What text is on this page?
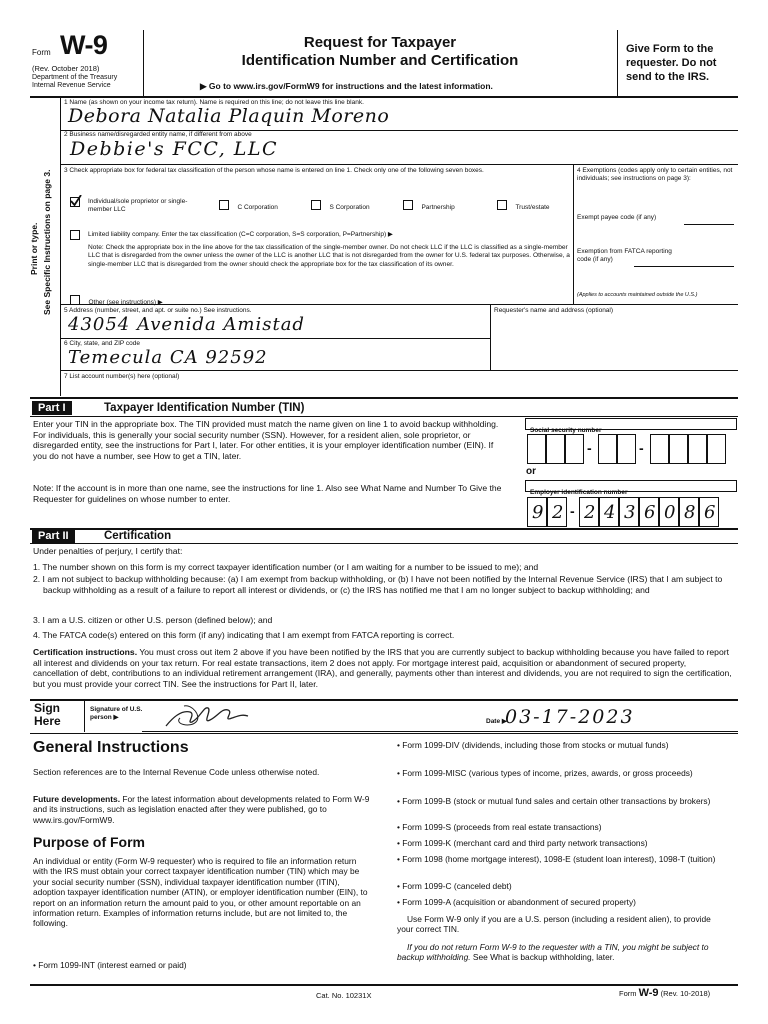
Form W-9
(Rev. October 2018)
Department of the Treasury
Internal Revenue Service
Request for Taxpayer
Identification Number and Certification
▶ Go to www.irs.gov/FormW9 for instructions and the latest information.
Give Form to the requester. Do not send to the IRS.
Print or type. See Specific Instructions on page 3.
1 Name (as shown on your income tax return). Name is required on this line; do not leave this line blank.
Debora Natalia Plaquin Moreno
2 Business name/disregarded entity name, if different from above
Debbie's FCC, LLC
3 Check appropriate box for federal tax classification of the person whose name is entered on line 1. Check only one of the following seven boxes.
Individual/sole proprietor or single-member LLC	C Corporation	S Corporation	Partnership	Trust/estate
Limited liability company. Enter the tax classification (C=C corporation, S=S corporation, P=Partnership) ▶
Note: Check the appropriate box in the line above for the tax classification of the single-member owner. Do not check LLC if the LLC is classified as a single-member LLC that is disregarded from the owner unless the owner of the LLC is another LLC that is not disregarded from the owner for U.S. federal tax purposes. Otherwise, a single-member LLC that is disregarded from the owner should check the appropriate box for the tax classification of its owner.
Other (see instructions) ▶
4 Exemptions (codes apply only to certain entities, not individuals; see instructions on page 3):
Exempt payee code (if any)
Exemption from FATCA reporting code (if any)
(Applies to accounts maintained outside the U.S.)
5 Address (number, street, and apt. or suite no.) See instructions.
43054 Avenida Amistad
Requester's name and address (optional)
6 City, state, and ZIP code
Temecula CA 92592
7 List account number(s) here (optional)
Part I	Taxpayer Identification Number (TIN)

Enter your TIN in the appropriate box. The TIN provided must match the name given on line 1 to avoid backup withholding. For individuals, this is generally your social security number (SSN). However, for a resident alien, sole proprietor, or disregarded entity, see the instructions for Part I, later. For other entities, it is your employer identification number (EIN). If you do not have a number, see How to get a TIN, later.

Note: If the account is in more than one name, see the instructions for line 1. Also see What Name and Number To Give the Requester for guidelines on whose number to enter.

Social security number
-	-
or
Employer identification number
9 2 - 2 4 3 6 0 8 6
Part II	Certification

Under penalties of perjury, I certify that:

1. The number shown on this form is my correct taxpayer identification number (or I am waiting for a number to be issued to me); and

2. I am not subject to backup withholding because: (a) I am exempt from backup withholding, or (b) I have not been notified by the Internal Revenue Service (IRS) that I am subject to backup withholding as a result of a failure to report all interest or dividends, or (c) the IRS has notified me that I am no longer subject to backup withholding; and

3. I am a U.S. citizen or other U.S. person (defined below); and

4. The FATCA code(s) entered on this form (if any) indicating that I am exempt from FATCA reporting is correct.

Certification instructions. You must cross out item 2 above if you have been notified by the IRS that you are currently subject to backup withholding because you have failed to report all interest and dividends on your tax return. For real estate transactions, item 2 does not apply. For mortgage interest paid, acquisition or abandonment of secured property, cancellation of debt, contributions to an individual retirement arrangement (IRA), and generally, payments other than interest and dividends, you are not required to sign the certification, but you must provide your correct TIN. See the instructions for Part II, later.

Sign Here
Signature of U.S. person ▶
Date ▶
03-17-2023
General Instructions

Section references are to the Internal Revenue Code unless otherwise noted.

Future developments. For the latest information about developments related to Form W-9 and its instructions, such as legislation enacted after they were published, go to www.irs.gov/FormW9.

Purpose of Form

An individual or entity (Form W-9 requester) who is required to file an information return with the IRS must obtain your correct taxpayer identification number (TIN) which may be your social security number (SSN), individual taxpayer identification number (ITIN), adoption taxpayer identification number (ATIN), or employer identification number (EIN), to report on an information return the amount paid to you, or other amount reportable on an information return. Examples of information returns include, but are not limited to, the following.

• Form 1099-INT (interest earned or paid)

• Form 1099-DIV (dividends, including those from stocks or mutual funds)

• Form 1099-MISC (various types of income, prizes, awards, or gross proceeds)

• Form 1099-B (stock or mutual fund sales and certain other transactions by brokers)

• Form 1099-S (proceeds from real estate transactions)

• Form 1099-K (merchant card and third party network transactions)

• Form 1098 (home mortgage interest), 1098-E (student loan interest), 1098-T (tuition)

• Form 1099-C (canceled debt)

• Form 1099-A (acquisition or abandonment of secured property)

Use Form W-9 only if you are a U.S. person (including a resident alien), to provide your correct TIN.

If you do not return Form W-9 to the requester with a TIN, you might be subject to backup withholding. See What is backup withholding, later.

Cat. No. 10231X	Form W-9 (Rev. 10-2018)
